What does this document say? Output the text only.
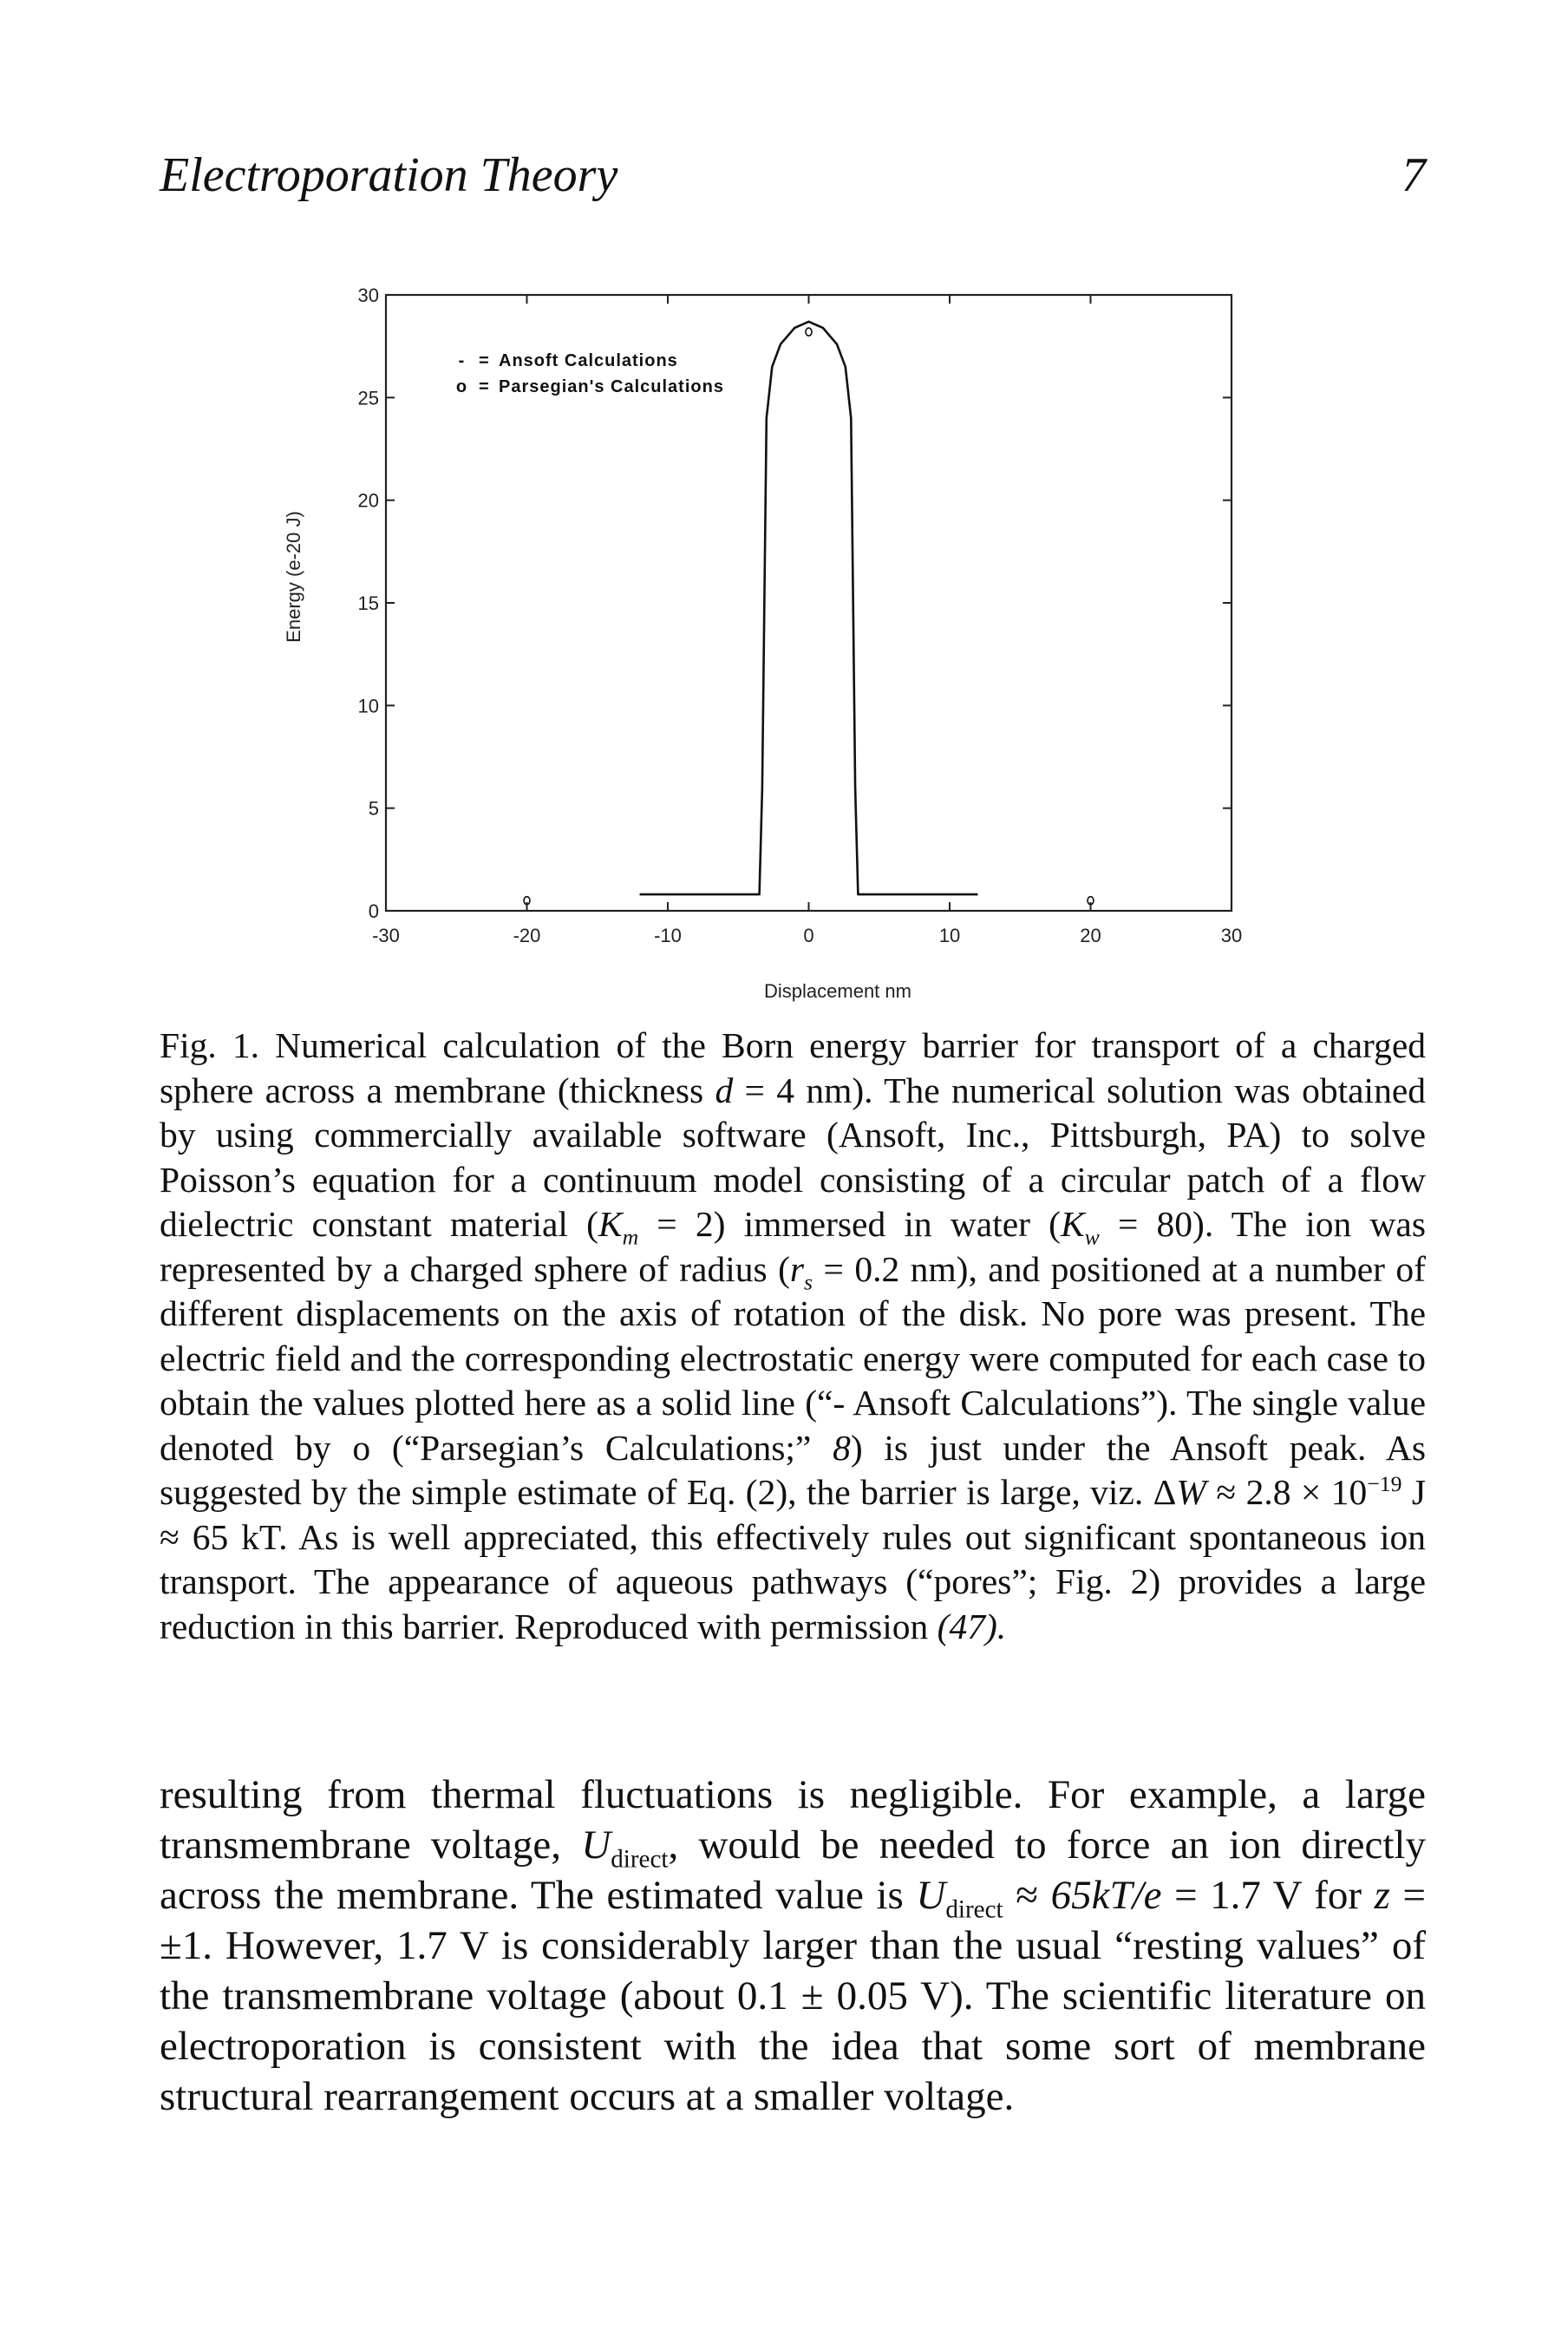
Electroporation Theory	7
-30	-20	-10	0	10	20	30
0
5
10
15
20
25
30
- = Ansoft Calculations
o = Parsegian's Calculations
Displacement nm
Energy (e-20 J)

Fig. 1. Numerical calculation of the Born energy barrier for transport of a charged sphere across a membrane (thickness d = 4 nm). The numerical solution was obtained by using commercially available software (Ansoft, Inc., Pittsburgh, PA) to solve Poisson’s equation for a continuum model consisting of a circular patch of a flow dielectric constant material $(K_m = 2)$ immersed in water $(K_w = 80)$. The ion was represented by a charged sphere of radius ($r_s = 0.2$ nm), and positioned at a number of different displacements on the axis of rotation of the disk. No pore was present. The electric field and the corresponding electrostatic energy were computed for each case to obtain the values plotted here as a solid line (“- Ansoft Calculations”). The single value denoted by o (“Parsegian’s Calculations;” 8) is just under the Ansoft peak. As suggested by the simple estimate of Eq. (2), the barrier is large, viz. $\Delta W \approx 2.8 \times 10^{-19}$ J ≈ 65 kT. As is well appreciated, this effectively rules out significant spontaneous ion transport. The appearance of aqueous pathways (“pores”; Fig. 2) provides a large reduction in this barrier. Reproduced with permission (47).

resulting from thermal fluctuations is negligible. For example, a large transmembrane voltage, $U_{direct}$, would be needed to force an ion directly across the membrane. The estimated value is $U_{direct} \approx 65kT/e = 1.7$ V for z = ±1. However, 1.7 V is considerably larger than the usual “resting values” of the transmembrane voltage (about 0.1 ± 0.05 V). The scientific literature on electroporation is consistent with the idea that some sort of membrane structural rearrangement occurs at a smaller voltage.
